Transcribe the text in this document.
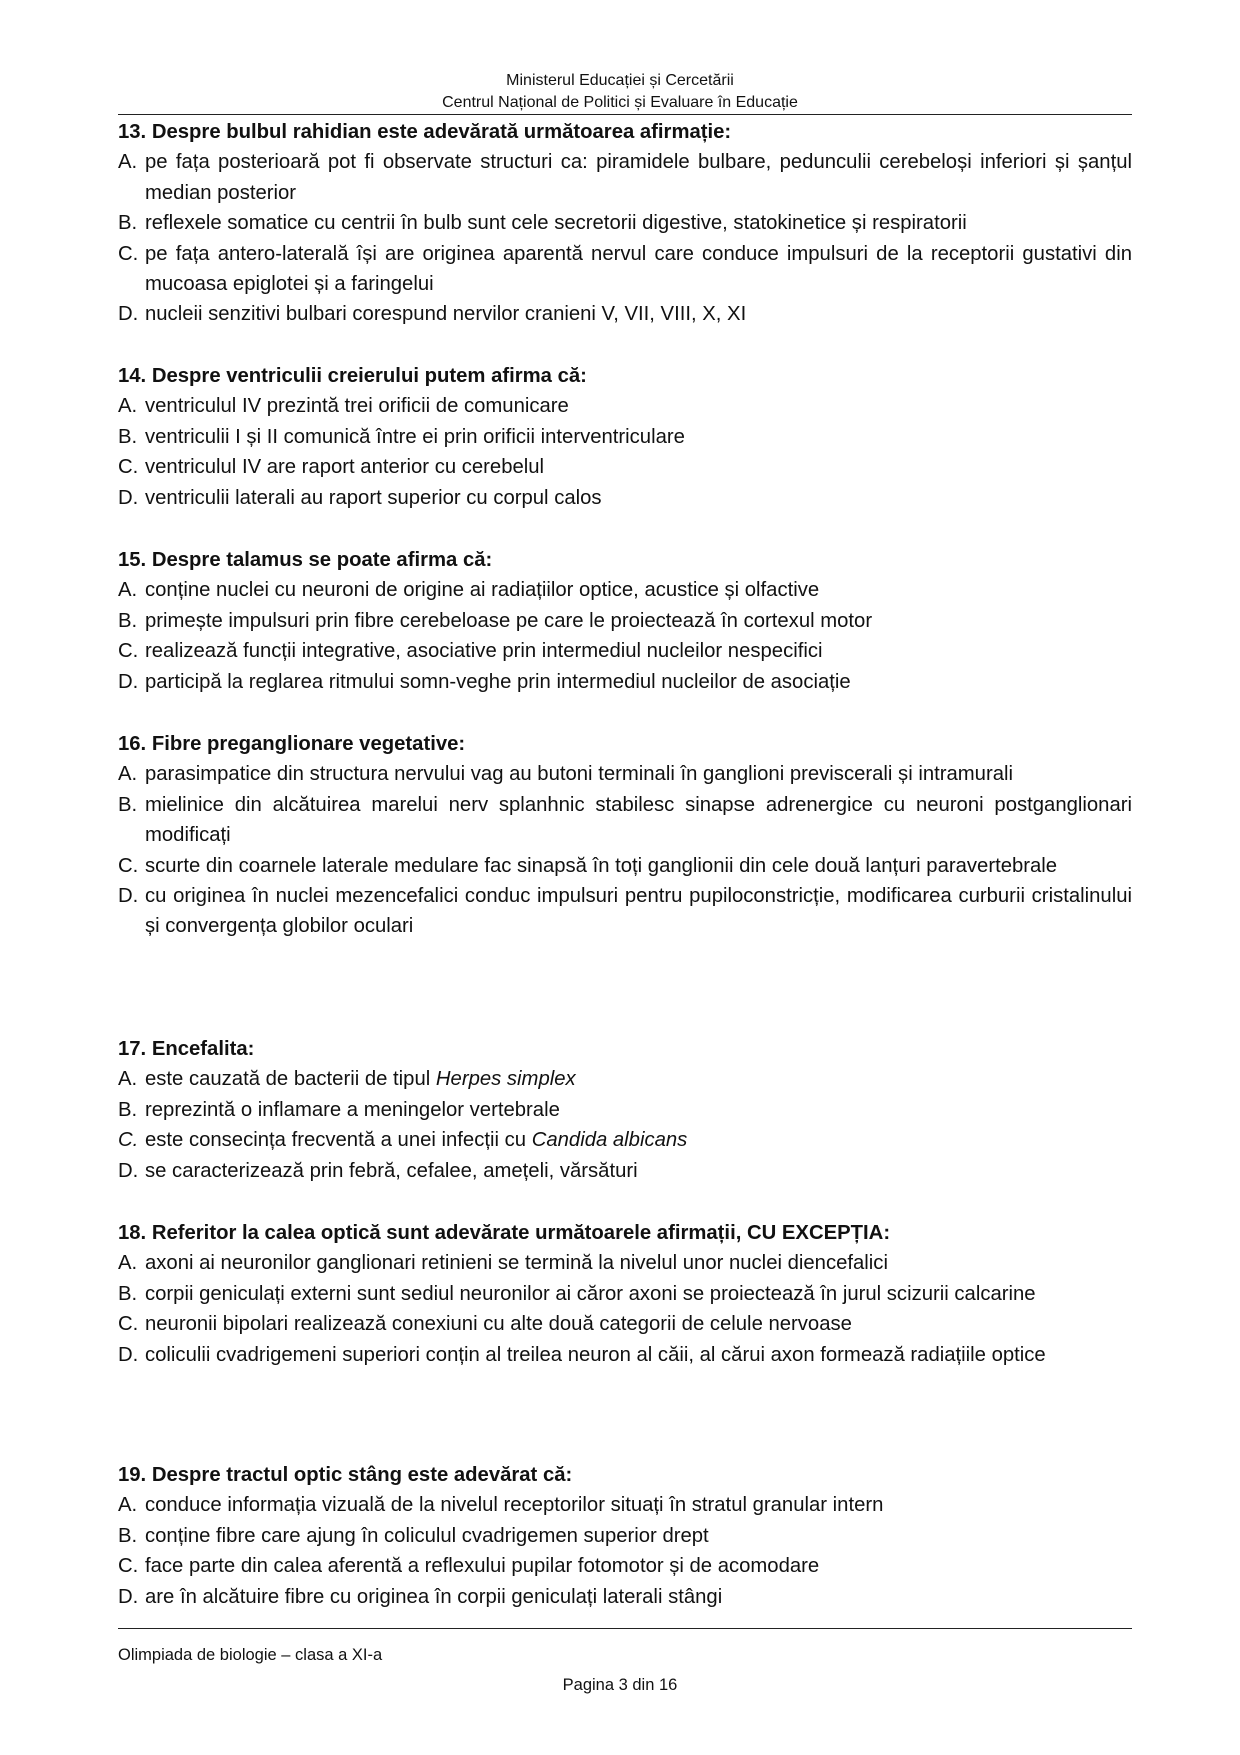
Ministerul Educației și Cercetării
Centrul Național de Politici și Evaluare în Educație
13. Despre bulbul rahidian este adevărată următoarea afirmație:
A. pe fața posterioară pot fi observate structuri ca: piramidele bulbare, pedunculii cerebeloși inferiori și șanțul median posterior
B. reflexele somatice cu centrii în bulb sunt cele secretorii digestive, statokinetice și respiratorii
C. pe fața antero-laterală își are originea aparentă nervul care conduce impulsuri de la receptorii gustativi din mucoasa epiglotei și a faringelui
D. nucleii senzitivi bulbari corespund nervilor cranieni V, VII, VIII, X, XI
14. Despre ventriculii creierului putem afirma că:
A. ventriculul IV prezintă trei orificii de comunicare
B. ventriculii I și II comunică între ei prin orificii interventriculare
C. ventriculul IV are raport anterior cu cerebelul
D. ventriculii laterali au raport superior cu corpul calos
15. Despre talamus se poate afirma că:
A. conține nuclei cu neuroni de origine ai radiațiilor optice, acustice și olfactive
B. primește impulsuri prin fibre cerebeloase pe care le proiectează în cortexul motor
C. realizează funcții integrative, asociative prin intermediul nucleilor nespecifici
D. participă la reglarea ritmului somn-veghe prin intermediul nucleilor de asociație
16. Fibre preganglionare vegetative:
A. parasimpatice din structura nervului vag au butoni terminali în ganglioni previscerali și intramurali
B. mielinice din alcătuirea marelui nerv splanhnic stabilesc sinapse adrenergice cu neuroni postganglionari modificați
C. scurte din coarnele laterale medulare fac sinapsă în toți ganglionii din cele două lanțuri paravertebrale
D. cu originea în nuclei mezencefalici conduc impulsuri pentru pupiloconstricție, modificarea curburii cristalinului și convergența globilor oculari
17. Encefalita:
A. este cauzată de bacterii de tipul Herpes simplex
B. reprezintă o inflamare a meningelor vertebrale
C. este consecința frecventă a unei infecții cu Candida albicans
D. se caracterizează prin febră, cefalee, amețeli, vărsături
18. Referitor la calea optică sunt adevărate următoarele afirmații, CU EXCEPȚIA:
A. axoni ai neuronilor ganglionari retinieni se termină la nivelul unor nuclei diencefalici
B. corpii geniculați externi sunt sediul neuronilor ai căror axoni se proiectează în jurul scizurii calcarine
C. neuronii bipolari realizează conexiuni cu alte două categorii de celule nervoase
D. coliculii cvadrigemeni superiori conțin al treilea neuron al căii, al cărui axon formează radiațiile optice
19. Despre tractul optic stâng este adevărat că:
A. conduce informația vizuală de la nivelul receptorilor situați în stratul granular intern
B. conține fibre care ajung în coliculul cvadrigemen superior drept
C. face parte din calea aferentă a reflexului pupilar fotomotor și de acomodare
D. are în alcătuire fibre cu originea în corpii geniculați laterali stângi
Olimpiada de biologie – clasa a XI-a
Pagina 3 din 16
